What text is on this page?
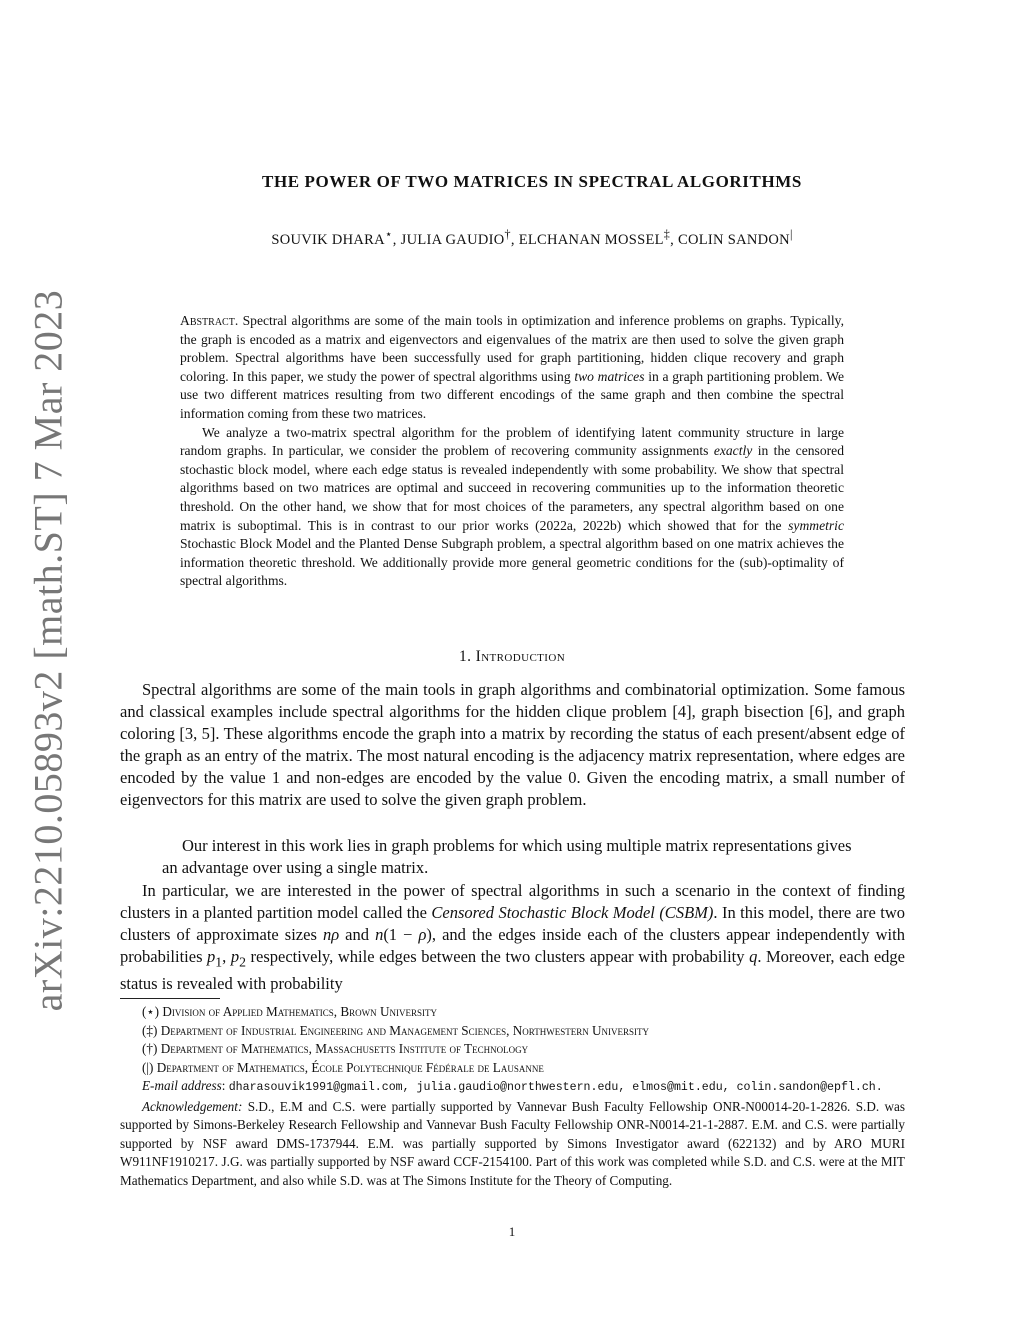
arXiv:2210.05893v2 [math.ST] 7 Mar 2023
THE POWER OF TWO MATRICES IN SPECTRAL ALGORITHMS
SOUVIK DHARA⋆, JULIA GAUDIO†, ELCHANAN MOSSEL‡, COLIN SANDON|

Abstract. Spectral algorithms are some of the main tools in optimization and inference problems on graphs. Typically, the graph is encoded as a matrix and eigenvectors and eigenvalues of the matrix are then used to solve the given graph problem. Spectral algorithms have been successfully used for graph partitioning, hidden clique recovery and graph coloring. In this paper, we study the power of spectral algorithms using two matrices in a graph partitioning problem. We use two different matrices resulting from two different encodings of the same graph and then combine the spectral information coming from these two matrices.

We analyze a two-matrix spectral algorithm for the problem of identifying latent community structure in large random graphs. In particular, we consider the problem of recovering community assignments exactly in the censored stochastic block model, where each edge status is revealed independently with some probability. We show that spectral algorithms based on two matrices are optimal and succeed in recovering communities up to the information theoretic threshold. On the other hand, we show that for most choices of the parameters, any spectral algorithm based on one matrix is suboptimal. This is in contrast to our prior works (2022a, 2022b) which showed that for the symmetric Stochastic Block Model and the Planted Dense Subgraph problem, a spectral algorithm based on one matrix achieves the information theoretic threshold. We additionally provide more general geometric conditions for the (sub)-optimality of spectral algorithms.

1. Introduction

Spectral algorithms are some of the main tools in graph algorithms and combinatorial optimization. Some famous and classical examples include spectral algorithms for the hidden clique problem [4], graph bisection [6], and graph coloring [3, 5]. These algorithms encode the graph into a matrix by recording the status of each present/absent edge of the graph as an entry of the matrix. The most natural encoding is the adjacency matrix representation, where edges are encoded by the value 1 and non-edges are encoded by the value 0. Given the encoding matrix, a small number of eigenvectors for this matrix are used to solve the given graph problem.

Our interest in this work lies in graph problems for which using multiple matrix representations gives an advantage over using a single matrix.

In particular, we are interested in the power of spectral algorithms in such a scenario in the context of finding clusters in a planted partition model called the Censored Stochastic Block Model (CSBM). In this model, there are two clusters of approximate sizes nρ and n(1 − ρ), and the edges inside each of the clusters appear independently with probabilities $p_1$, $p_2$ respectively, while edges between the two clusters appear with probability q. Moreover, each edge status is revealed with probability

(⋆) Division of Applied Mathematics, Brown University
(‡) Department of Industrial Engineering and Management Sciences, Northwestern University
(†) Department of Mathematics, Massachusetts Institute of Technology
(|) Department of Mathematics, École Polytechnique Fédérale de Lausanne
E-mail address: dharasouvik1991@gmail.com, julia.gaudio@northwestern.edu, elmos@mit.edu, colin.sandon@epfl.ch.
Acknowledgement: S.D., E.M and C.S. were partially supported by Vannevar Bush Faculty Fellowship ONR-N00014-20-1-2826. S.D. was supported by Simons-Berkeley Research Fellowship and Vannevar Bush Faculty Fellowship ONR-N0014-21-1-2887. E.M. and C.S. were partially supported by NSF award DMS-1737944. E.M. was partially supported by Simons Investigator award (622132) and by ARO MURI W911NF1910217. J.G. was partially supported by NSF award CCF-2154100. Part of this work was completed while S.D. and C.S. were at the MIT Mathematics Department, and also while S.D. was at The Simons Institute for the Theory of Computing.
1
